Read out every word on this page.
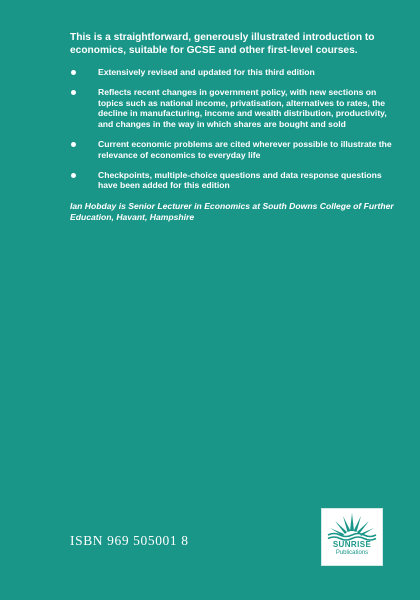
This is a straightforward, generously illustrated introduction to economics, suitable for GCSE and other first-level courses.

Extensively revised and updated for this third edition
Reflects recent changes in government policy, with new sections on topics such as national income, privatisation, alternatives to rates, the decline in manufacturing, income and wealth distribution, productivity, and changes in the way in which shares are bought and sold
Current economic problems are cited wherever possible to illustrate the relevance of economics to everyday life
Checkpoints, multiple-choice questions and data response questions have been added for this edition

Ian Hobday is Senior Lecturer in Economics at South Downs College of Further Education, Havant, Hampshire

ISBN 969 505001 8	SUNRISE
Publications
